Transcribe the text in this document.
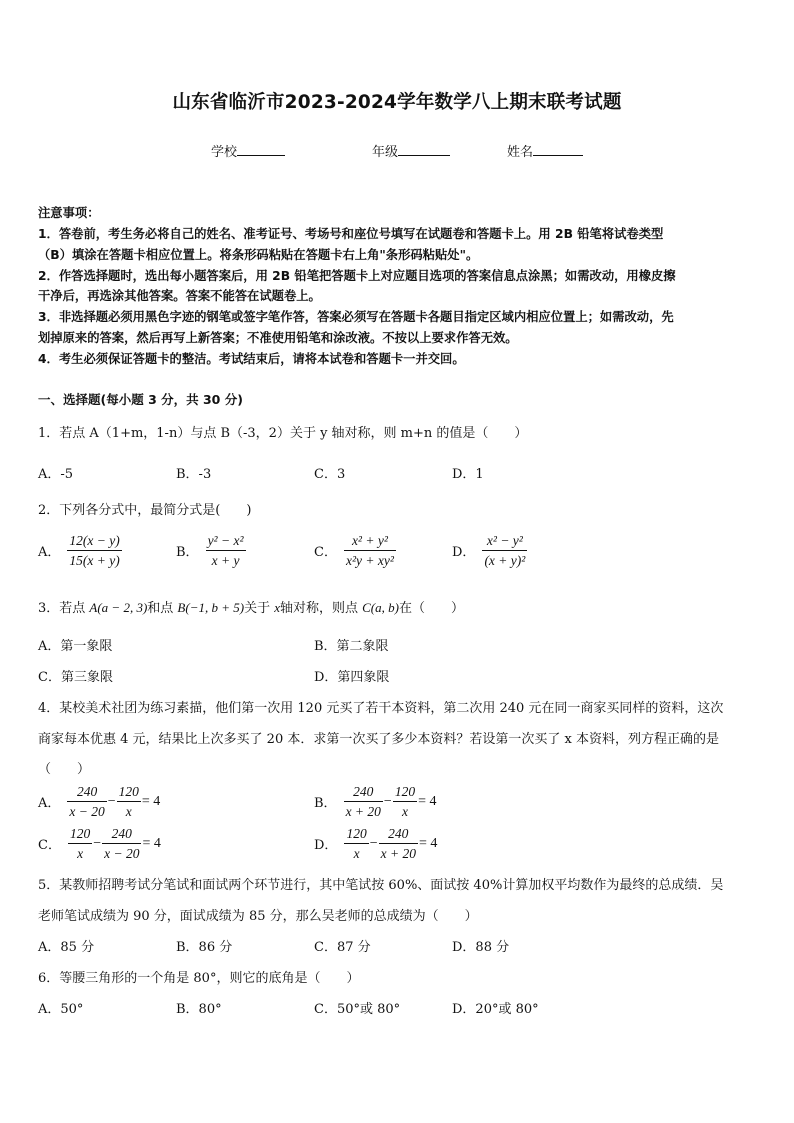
山东省临沂市2023-2024学年数学八上期末联考试题
学校	年级	姓名
注意事项：
1．答卷前，考生务必将自己的姓名、准考证号、考场号和座位号填写在试题卷和答题卡上。用 2B 铅笔将试卷类型
（B）填涂在答题卡相应位置上。将条形码粘贴在答题卡右上角"条形码粘贴处"。
2．作答选择题时，选出每小题答案后，用 2B 铅笔把答题卡上对应题目选项的答案信息点涂黑；如需改动，用橡皮擦
干净后，再选涂其他答案。答案不能答在试题卷上。
3．非选择题必须用黑色字迹的钢笔或签字笔作答，答案必须写在答题卡各题目指定区域内相应位置上；如需改动，先
划掉原来的答案，然后再写上新答案；不准使用铅笔和涂改液。不按以上要求作答无效。
4．考生必须保证答题卡的整洁。考试结束后，请将本试卷和答题卡一并交回。
一、选择题(每小题 3 分，共 30 分)
1．若点 A（1+m，1-n）与点 B（-3，2）关于 y 轴对称，则 m+n 的值是（　　）
A．-5	B．-3	C．3	D．1
2．下列各分式中，最简分式是(　　)
A． $\frac{12(x - y)}{15(x + y)}$	B． $\frac{\text{y² − x²}}{x + y}$	C． $\frac{\text{x² + y²}}{\text{x²y + xy²}}$	D． $\frac{\text{x² − y²}}{\text{(x + y)²}}$
3．若点 A(a − 2, 3)和点 B(−1, b + 5)关于 x轴对称，则点 C(a, b)在（　　）
A．第一象限	B．第二象限
C．第三象限	D．第四象限
4．某校美术社团为练习素描，他们第一次用 120 元买了若干本资料，第二次用 240 元在同一商家买同样的资料，这次
商家每本优惠 4 元，结果比上次多买了 20 本．求第一次买了多少本资料？若设第一次买了 x 本资料，列方程正确的是
（　　）
A． $\frac{240}{x - 20} - \frac{120}{x} = 4$	B． $\frac{240}{x + 20} - \frac{120}{x} = 4$
C． $\frac{120}{x} - \frac{240}{x - 20} = 4$	D． $\frac{120}{x} - \frac{240}{x + 20} = 4$
5．某教师招聘考试分笔试和面试两个环节进行，其中笔试按 60%、面试按 40%计算加权平均数作为最终的总成绩．吴
老师笔试成绩为 90 分，面试成绩为 85 分，那么吴老师的总成绩为（　　）
A．85 分	B．86 分	C．87 分	D．88 分
6．等腰三角形的一个角是 80°，则它的底角是（　　）
A．50°	B．80°	C．50°或 80°	D．20°或 80°
